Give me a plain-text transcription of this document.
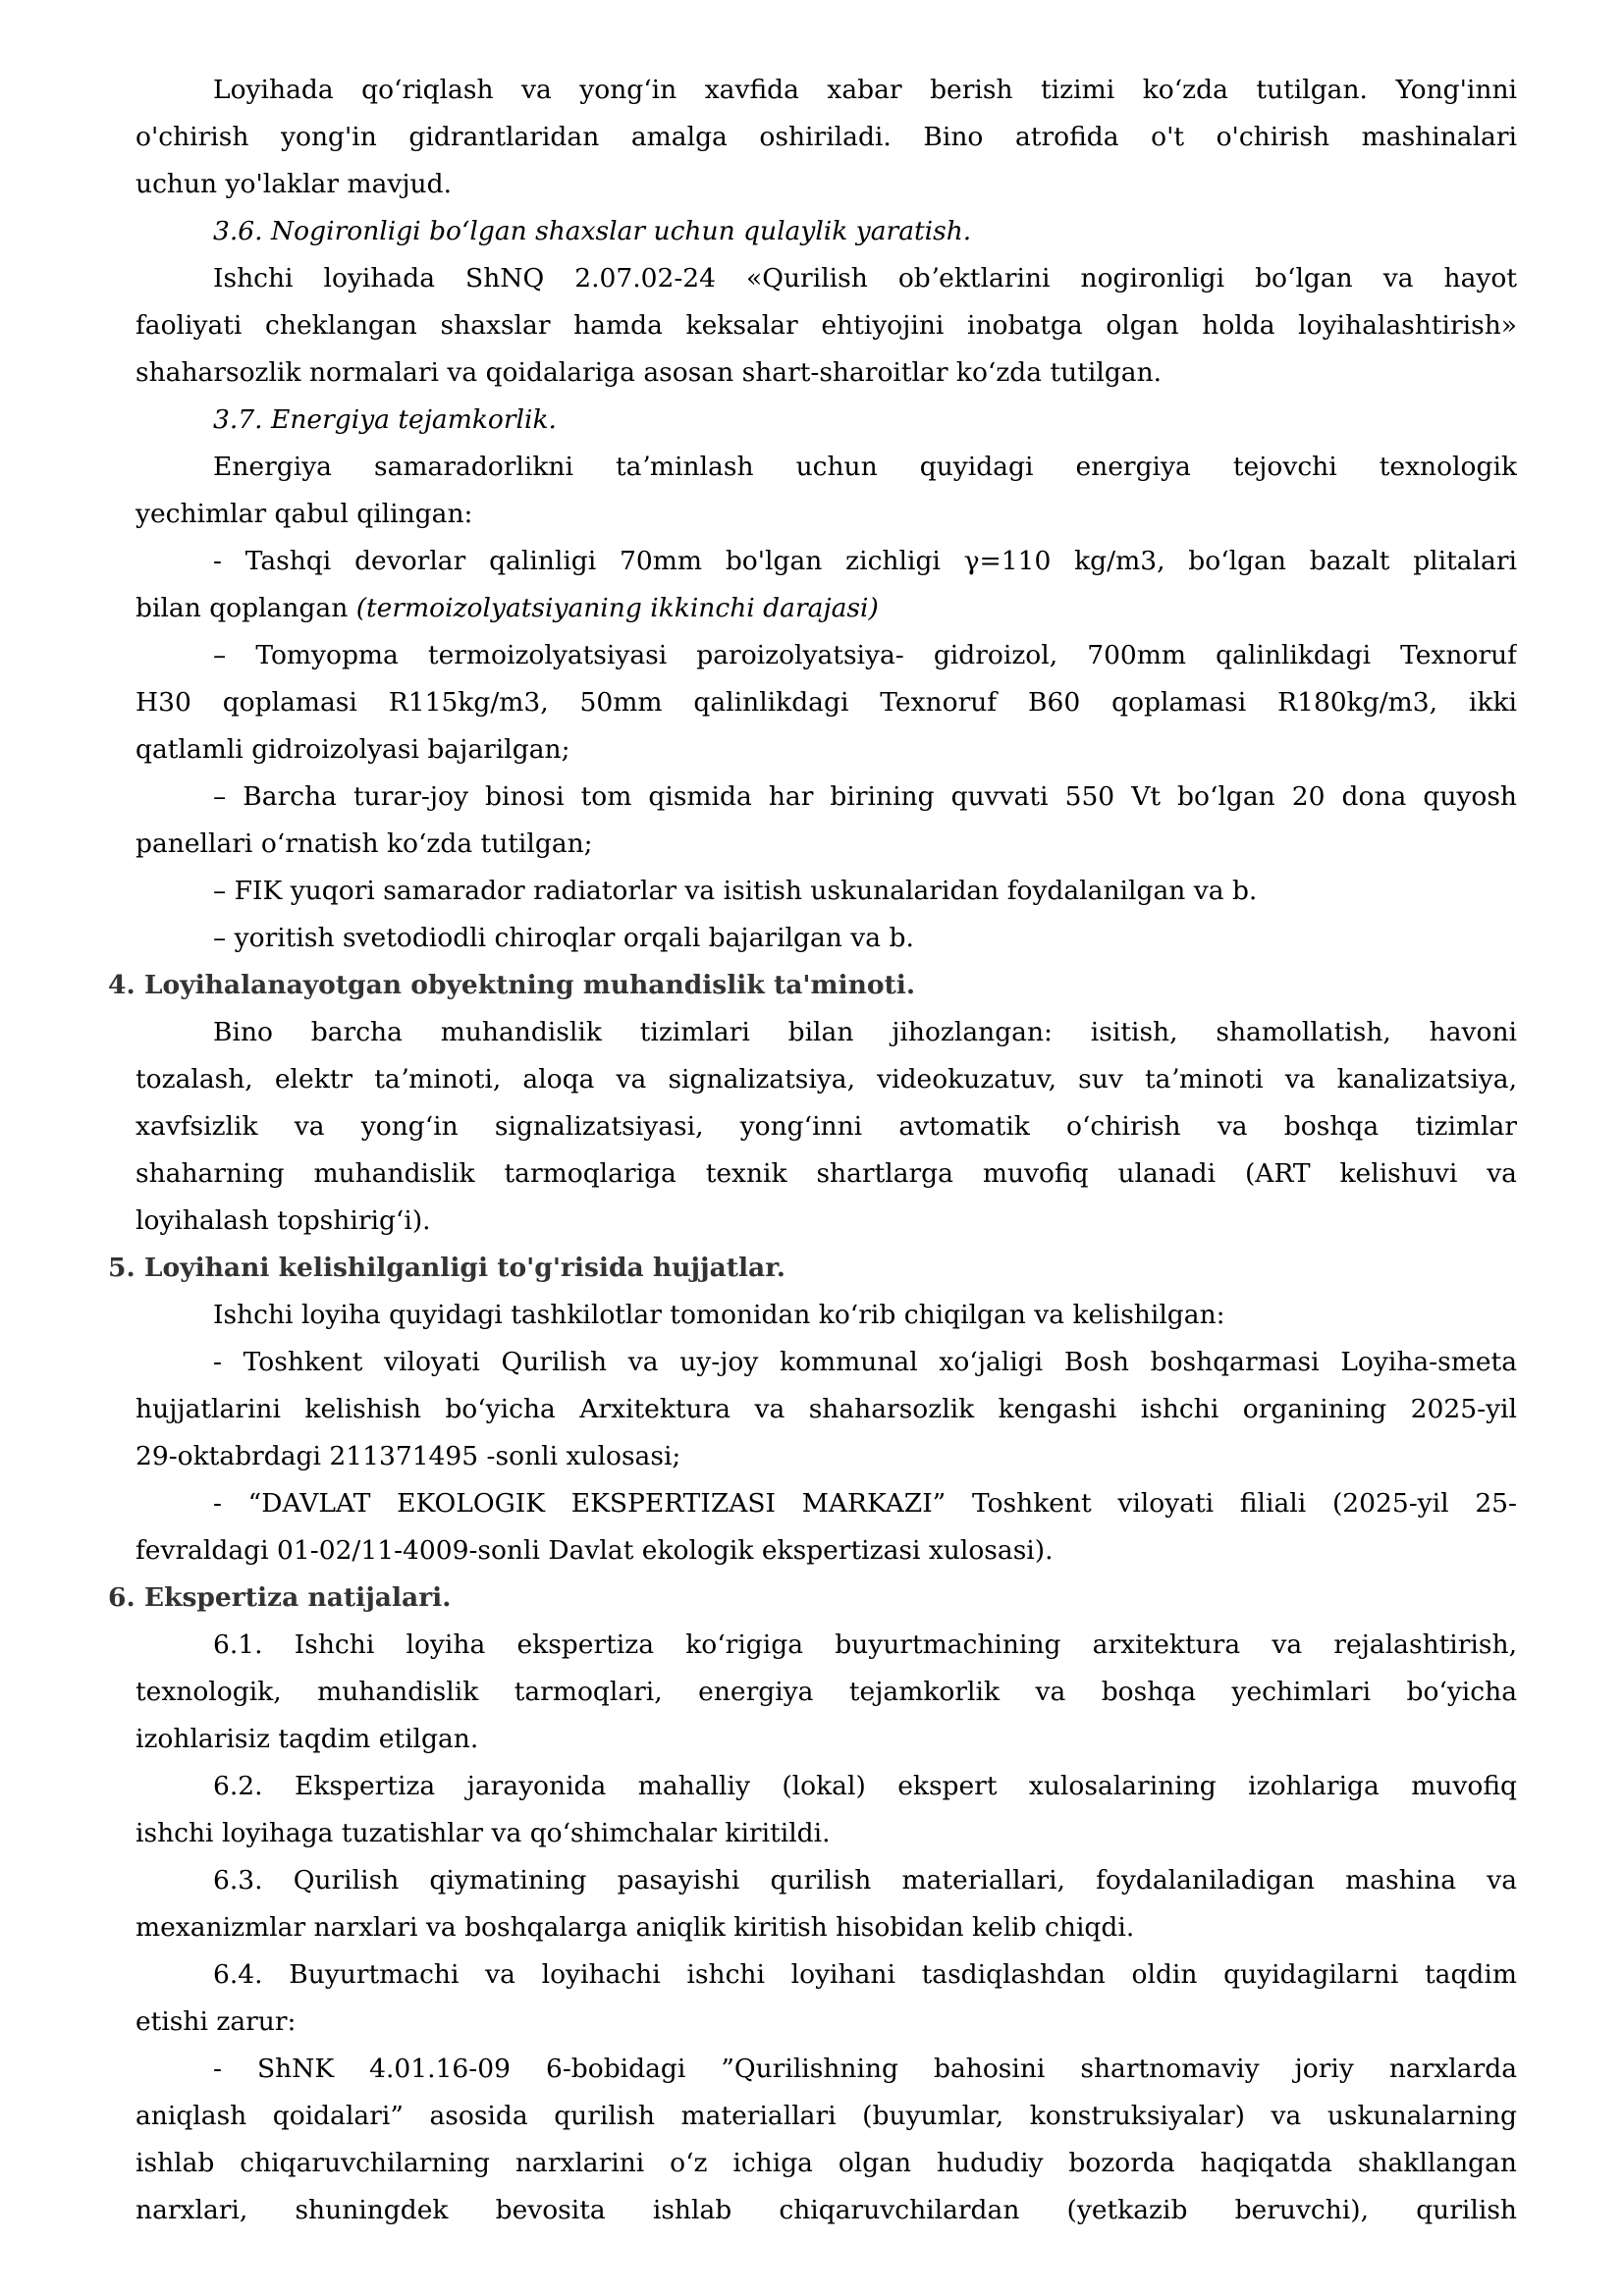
Loyihada qoʻriqlash va yongʻin xavfida xabar berish tizimi koʻzda tutilgan. Yong'inni
o'chirish yong'in gidrantlaridan amalga oshiriladi. Bino atrofida o't o'chirish mashinalari
uchun yo'laklar mavjud.
3.6. Nogironligi boʻlgan shaxslar uchun qulaylik yaratish.
Ishchi loyihada ShNQ 2.07.02-24 «Qurilish obʼektlarini nogironligi boʻlgan va hayot
faoliyati cheklangan shaxslar hamda keksalar ehtiyojini inobatga olgan holda loyihalashtirish»
shaharsozlik normalari va qoidalariga asosan shart-sharoitlar koʻzda tutilgan.
3.7. Energiya tejamkorlik.
Energiya samaradorlikni taʼminlash uchun quyidagi energiya tejovchi texnologik
yechimlar qabul qilingan:
- Tashqi devorlar qalinligi 70mm bo'lgan zichligi γ=110 kg/m3, boʻlgan bazalt plitalari
bilan qoplangan (termoizolyatsiyaning ikkinchi darajasi)
– Tomyopma termoizolyatsiyasi paroizolyatsiya- gidroizol, 700mm qalinlikdagi Texnoruf
H30 qoplamasi R115kg/m3, 50mm qalinlikdagi Texnoruf B60 qoplamasi R180kg/m3, ikki
qatlamli gidroizolyasi bajarilgan;
– Barcha turar-joy binosi tom qismida har birining quvvati 550 Vt boʻlgan 20 dona quyosh
panellari oʻrnatish koʻzda tutilgan;
– FIK yuqori samarador radiatorlar va isitish uskunalaridan foydalanilgan va b.
– yoritish svetodiodli chiroqlar orqali bajarilgan va b.
4. Loyihalanayotgan obyektning muhandislik ta'minoti.
Bino barcha muhandislik tizimlari bilan jihozlangan: isitish, shamollatish, havoni
tozalash, elektr taʼminoti, aloqa va signalizatsiya, videokuzatuv, suv taʼminoti va kanalizatsiya,
xavfsizlik va yongʻin signalizatsiyasi, yongʻinni avtomatik oʻchirish va boshqa tizimlar
shaharning muhandislik tarmoqlariga texnik shartlarga muvofiq ulanadi (ART kelishuvi va
loyihalash topshirigʻi).
5. Loyihani kelishilganligi to'g'risida hujjatlar.
Ishchi loyiha quyidagi tashkilotlar tomonidan koʻrib chiqilgan va kelishilgan:
- Toshkent viloyati Qurilish va uy-joy kommunal xoʻjaligi Bosh boshqarmasi Loyiha-smeta
hujjatlarini kelishish boʻyicha Arxitektura va shaharsozlik kengashi ishchi organining 2025-yil
29-oktabrdagi 211371495 -sonli xulosasi;
- “DAVLAT EKOLOGIK EKSPERTIZASI MARKAZI” Toshkent viloyati filiali (2025-yil 25-
fevraldagi 01-02/11-4009-sonli Davlat ekologik ekspertizasi xulosasi).
6. Ekspertiza natijalari.
6.1. Ishchi loyiha ekspertiza koʻrigiga buyurtmachining arxitektura va rejalashtirish,
texnologik, muhandislik tarmoqlari, energiya tejamkorlik va boshqa yechimlari boʻyicha
izohlarisiz taqdim etilgan.
6.2. Ekspertiza jarayonida mahalliy (lokal) ekspert xulosalarining izohlariga muvofiq
ishchi loyihaga tuzatishlar va qoʻshimchalar kiritildi.
6.3. Qurilish qiymatining pasayishi qurilish materiallari, foydalaniladigan mashina va
mexanizmlar narxlari va boshqalarga aniqlik kiritish hisobidan kelib chiqdi.
6.4. Buyurtmachi va loyihachi ishchi loyihani tasdiqlashdan oldin quyidagilarni taqdim
etishi zarur:
- ShNK 4.01.16-09 6-bobidagi ”Qurilishning bahosini shartnomaviy joriy narxlarda
aniqlash qoidalari” asosida qurilish materiallari (buyumlar, konstruksiyalar) va uskunalarning
ishlab chiqaruvchilarning narxlarini oʻz ichiga olgan hududiy bozorda haqiqatda shakllangan
narxlari, shuningdek bevosita ishlab chiqaruvchilardan (yetkazib beruvchi), qurilish
